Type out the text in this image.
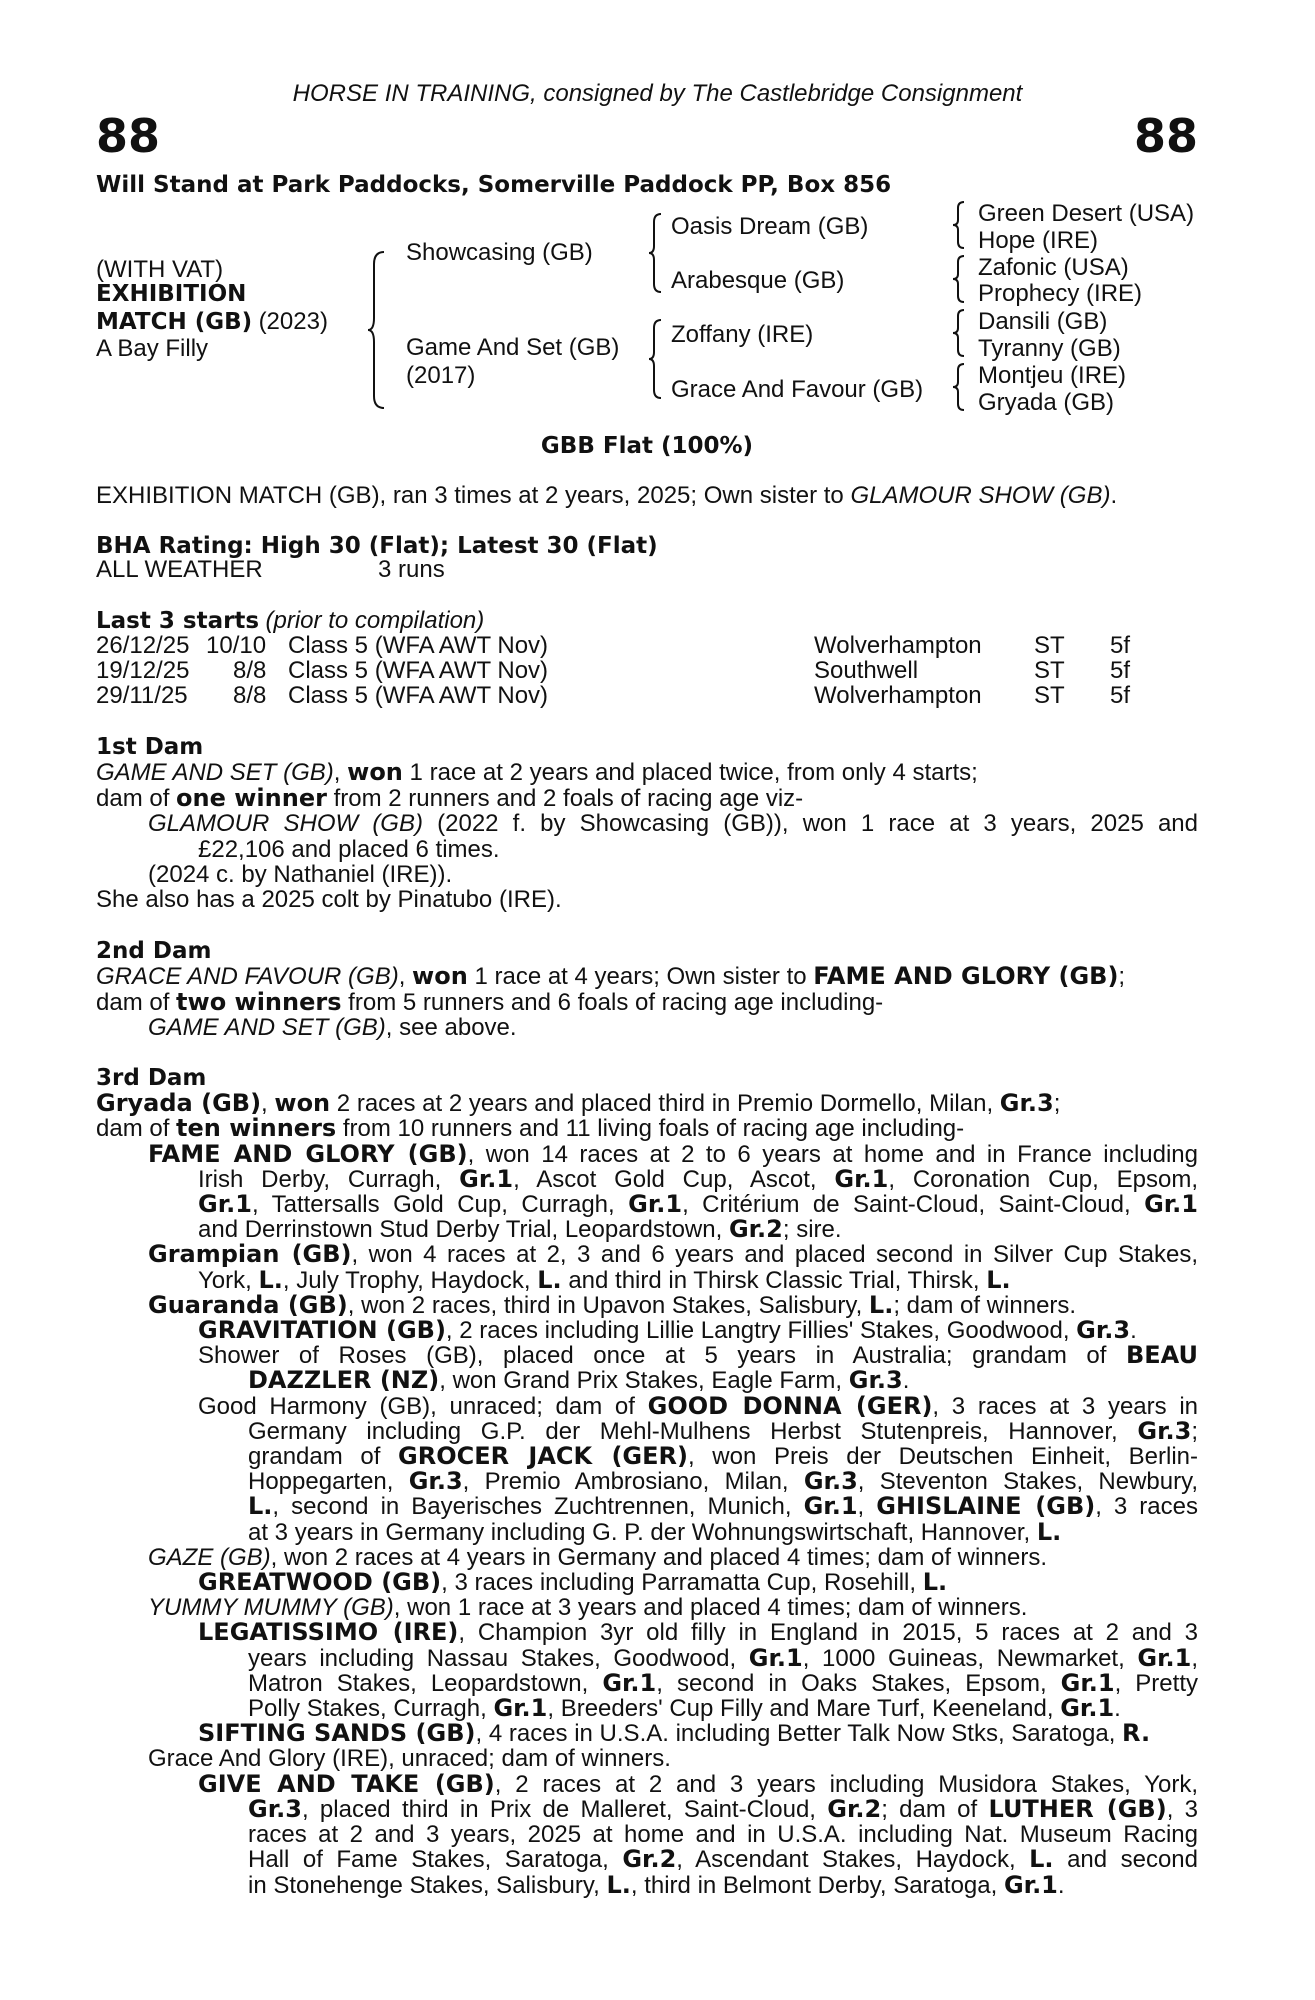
HORSE IN TRAINING, consigned by The Castlebridge Consignment
88	88
Will Stand at Park Paddocks, Somerville Paddock PP, Box 856
(WITH VAT)
EXHIBITION
MATCH (GB) (2023)
A Bay Filly
Showcasing (GB)
Game And Set (GB)
(2017)
Oasis Dream (GB)
Arabesque (GB)
Zoffany (IRE)
Grace And Favour (GB)
Green Desert (USA)
Hope (IRE)
Zafonic (USA)
Prophecy (IRE)
Dansili (GB)
Tyranny (GB)
Montjeu (IRE)
Gryada (GB)
GBB Flat (100%)
EXHIBITION MATCH (GB), ran 3 times at 2 years, 2025; Own sister to GLAMOUR SHOW (GB).
BHA Rating: High 30 (Flat); Latest 30 (Flat)
ALL WEATHER	3 runs
Last 3 starts (prior to compilation)
26/12/25 10/10 Class 5 (WFA AWT Nov)	Wolverhampton ST 5f
19/12/25 8/8 Class 5 (WFA AWT Nov)	Southwell	ST 5f
29/11/25 8/8 Class 5 (WFA AWT Nov)	Wolverhampton ST 5f
1st Dam
GAME AND SET (GB), won 1 race at 2 years and placed twice, from only 4 starts;
dam of one winner from 2 runners and 2 foals of racing age viz-
GLAMOUR SHOW (GB) (2022 f. by Showcasing (GB)), won 1 race at 3 years, 2025 and
£22,106 and placed 6 times.
(2024 c. by Nathaniel (IRE)).
She also has a 2025 colt by Pinatubo (IRE).
2nd Dam
GRACE AND FAVOUR (GB), won 1 race at 4 years; Own sister to FAME AND GLORY (GB);
dam of two winners from 5 runners and 6 foals of racing age including-
GAME AND SET (GB), see above.
3rd Dam
Gryada (GB), won 2 races at 2 years and placed third in Premio Dormello, Milan, Gr.3;
dam of ten winners from 10 runners and 11 living foals of racing age including-
FAME AND GLORY (GB), won 14 races at 2 to 6 years at home and in France including
Irish Derby, Curragh, Gr.1, Ascot Gold Cup, Ascot, Gr.1, Coronation Cup, Epsom,
Gr.1, Tattersalls Gold Cup, Curragh, Gr.1, Critérium de Saint-Cloud, Saint-Cloud, Gr.1
and Derrinstown Stud Derby Trial, Leopardstown, Gr.2; sire.
Grampian (GB), won 4 races at 2, 3 and 6 years and placed second in Silver Cup Stakes,
York, L., July Trophy, Haydock, L. and third in Thirsk Classic Trial, Thirsk, L.
Guaranda (GB), won 2 races, third in Upavon Stakes, Salisbury, L.; dam of winners.
GRAVITATION (GB), 2 races including Lillie Langtry Fillies' Stakes, Goodwood, Gr.3.
Shower of Roses (GB), placed once at 5 years in Australia; grandam of BEAU
DAZZLER (NZ), won Grand Prix Stakes, Eagle Farm, Gr.3.
Good Harmony (GB), unraced; dam of GOOD DONNA (GER), 3 races at 3 years in
Germany including G.P. der Mehl-Mulhens Herbst Stutenpreis, Hannover, Gr.3;
grandam of GROCER JACK (GER), won Preis der Deutschen Einheit, Berlin-
Hoppegarten, Gr.3, Premio Ambrosiano, Milan, Gr.3, Steventon Stakes, Newbury,
L., second in Bayerisches Zuchtrennen, Munich, Gr.1, GHISLAINE (GB), 3 races
at 3 years in Germany including G. P. der Wohnungswirtschaft, Hannover, L.
GAZE (GB), won 2 races at 4 years in Germany and placed 4 times; dam of winners.
GREATWOOD (GB), 3 races including Parramatta Cup, Rosehill, L.
YUMMY MUMMY (GB), won 1 race at 3 years and placed 4 times; dam of winners.
LEGATISSIMO (IRE), Champion 3yr old filly in England in 2015, 5 races at 2 and 3
years including Nassau Stakes, Goodwood, Gr.1, 1000 Guineas, Newmarket, Gr.1,
Matron Stakes, Leopardstown, Gr.1, second in Oaks Stakes, Epsom, Gr.1, Pretty
Polly Stakes, Curragh, Gr.1, Breeders' Cup Filly and Mare Turf, Keeneland, Gr.1.
SIFTING SANDS (GB), 4 races in U.S.A. including Better Talk Now Stks, Saratoga, R.
Grace And Glory (IRE), unraced; dam of winners.
GIVE AND TAKE (GB), 2 races at 2 and 3 years including Musidora Stakes, York,
Gr.3, placed third in Prix de Malleret, Saint-Cloud, Gr.2; dam of LUTHER (GB), 3
races at 2 and 3 years, 2025 at home and in U.S.A. including Nat. Museum Racing
Hall of Fame Stakes, Saratoga, Gr.2, Ascendant Stakes, Haydock, L. and second
in Stonehenge Stakes, Salisbury, L., third in Belmont Derby, Saratoga, Gr.1.
